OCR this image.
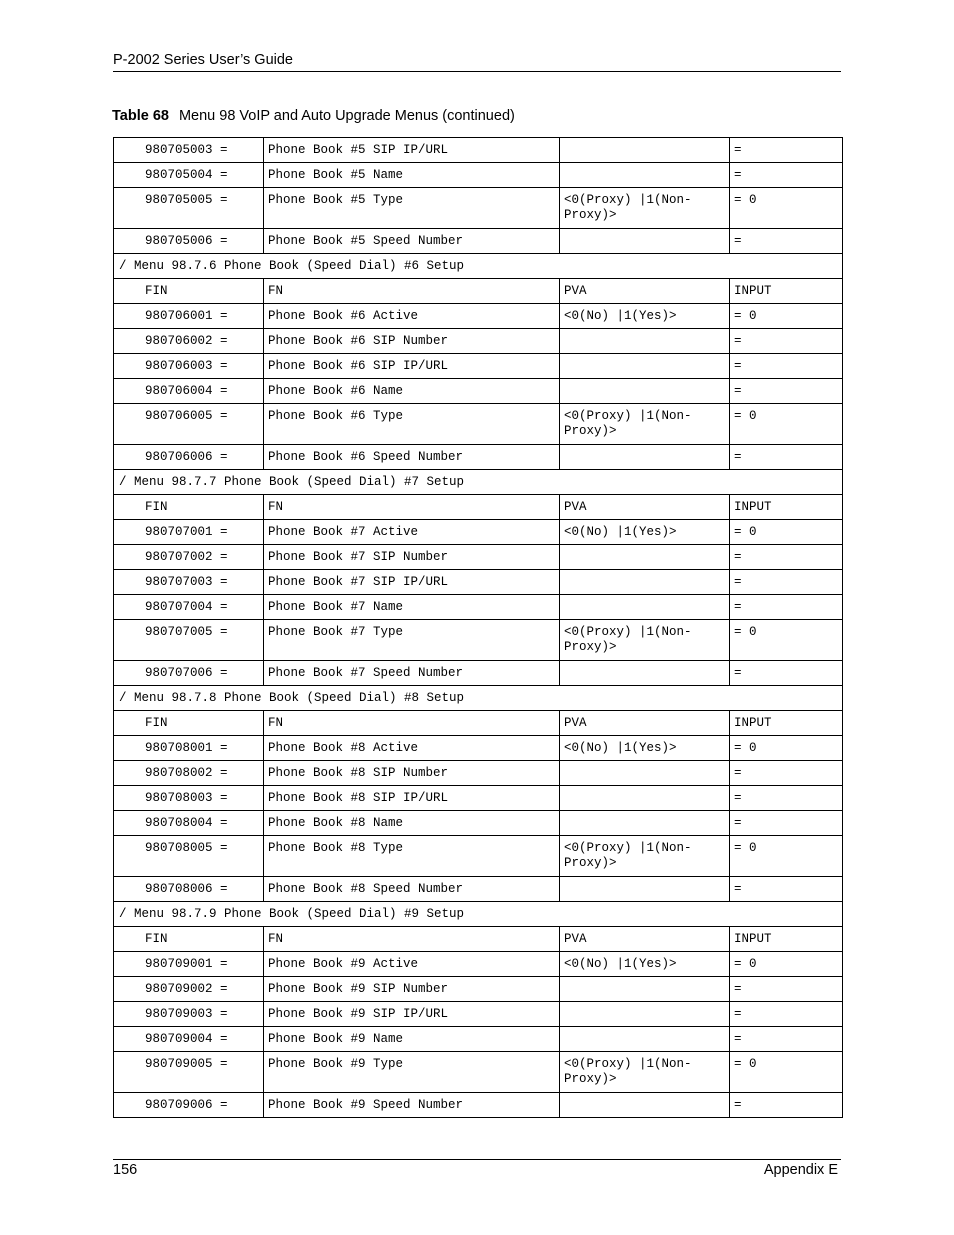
P-2002 Series User’s Guide
Table 68 Menu 98 VoIP and Auto Upgrade Menus (continued)
980705003 =	Phone Book #5 SIP IP/URL		=
980705004 =	Phone Book #5 Name		=
980705005 =	Phone Book #5 Type	<0(Proxy) |1(Non-Proxy)>	= 0
980705006 =	Phone Book #5 Speed Number		=
/ Menu 98.7.6 Phone Book (Speed Dial) #6 Setup			
FIN	FN	PVA	INPUT
980706001 =	Phone Book #6 Active	<0(No) |1(Yes)>	= 0
980706002 =	Phone Book #6 SIP Number		=
980706003 =	Phone Book #6 SIP IP/URL		=
980706004 =	Phone Book #6 Name		=
980706005 =	Phone Book #6 Type	<0(Proxy) |1(Non-Proxy)>	= 0
980706006 =	Phone Book #6 Speed Number		=
/ Menu 98.7.7 Phone Book (Speed Dial) #7 Setup			
FIN	FN	PVA	INPUT
980707001 =	Phone Book #7 Active	<0(No) |1(Yes)>	= 0
980707002 =	Phone Book #7 SIP Number		=
980707003 =	Phone Book #7 SIP IP/URL		=
980707004 =	Phone Book #7 Name		=
980707005 =	Phone Book #7 Type	<0(Proxy) |1(Non-Proxy)>	= 0
980707006 =	Phone Book #7 Speed Number		=
/ Menu 98.7.8 Phone Book (Speed Dial) #8 Setup			
FIN	FN	PVA	INPUT
980708001 =	Phone Book #8 Active	<0(No) |1(Yes)>	= 0
980708002 =	Phone Book #8 SIP Number		=
980708003 =	Phone Book #8 SIP IP/URL		=
980708004 =	Phone Book #8 Name		=
980708005 =	Phone Book #8 Type	<0(Proxy) |1(Non-Proxy)>	= 0
980708006 =	Phone Book #8 Speed Number		=
/ Menu 98.7.9 Phone Book (Speed Dial) #9 Setup			
FIN	FN	PVA	INPUT
980709001 =	Phone Book #9 Active	<0(No) |1(Yes)>	= 0
980709002 =	Phone Book #9 SIP Number		=
980709003 =	Phone Book #9 SIP IP/URL		=
980709004 =	Phone Book #9 Name		=
980709005 =	Phone Book #9 Type	<0(Proxy) |1(Non-Proxy)>	= 0
980709006 =	Phone Book #9 Speed Number		=
156	Appendix E
